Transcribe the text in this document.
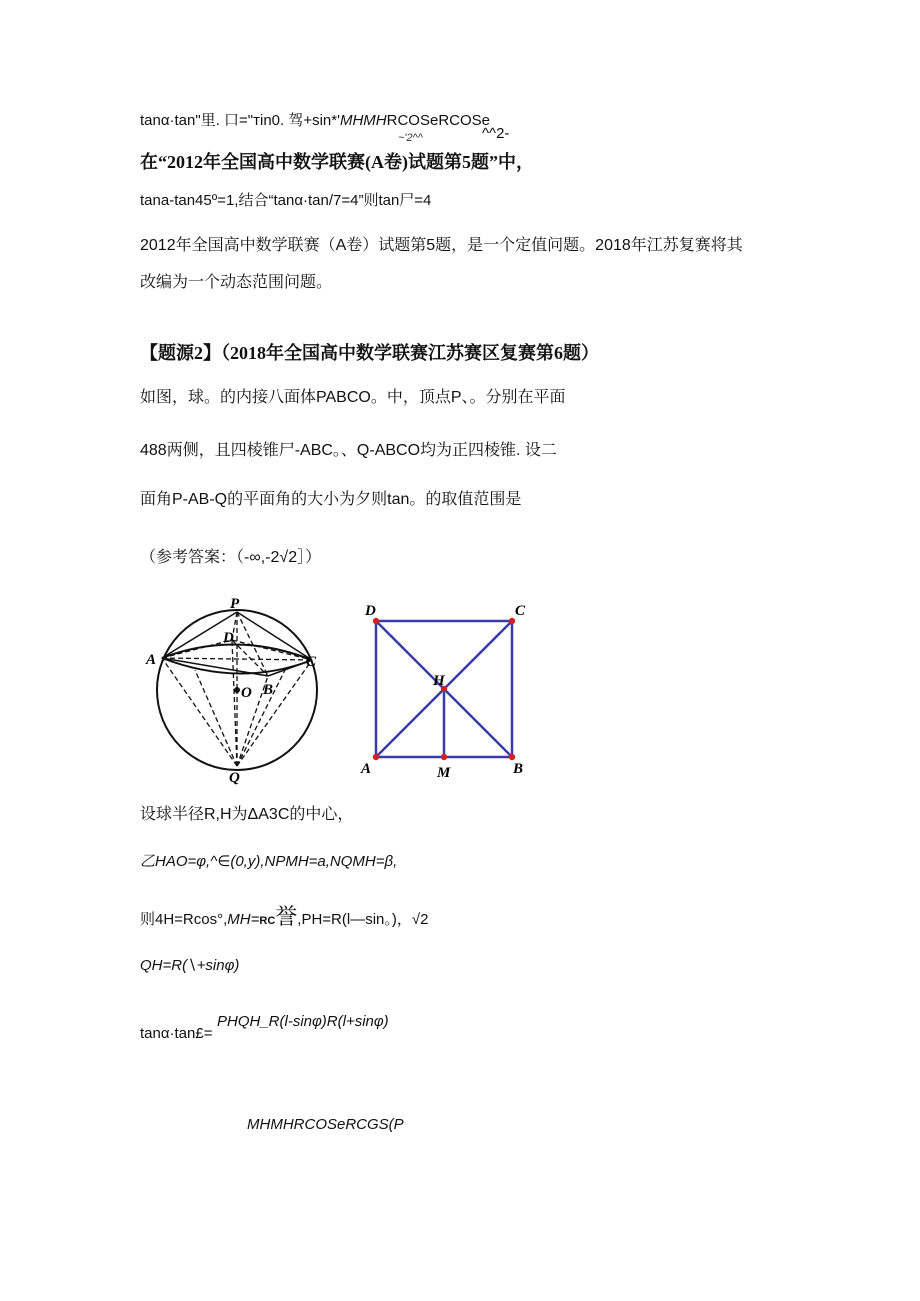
tanα·tan"里. 口="тin0. 驾+sin*'MHMHRCOSeRCOSe
~'2^^	^^2-
在“2012年全国高中数学联赛(A卷)试题第5题”中，
tana-tan45º=1,结合“tanα·tan/7=4”则tan尸=4
2012年全国高中数学联赛（A卷）试题第5题，是一个定值问题。2018年江苏复赛将其
改编为一个动态范围问题。
【题源2】（2018年全国高中数学联赛江苏赛区复赛第6题）
如图，球。的内接八面体PABCO。中，顶点P、。分别在平面
488两侧，且四棱锥尸-ABC。、Q-ABCO均为正四棱锥. 设二
面角P-AB-Q的平面角的大小为夕则tan。的取值范围是
（参考答案：（-∞,-2√2］）
P
D
A	C
O B
Q
D	C
H
A	M	B
设球半径R,H为ΔA3C的中心，
乙HAO=φ,^∈(0,y),NPMH=a,NQMH=β,
则4H=Rcos°,MH=RC誉,PH=R(l—sin。)，√2
QH=R(∖+sinφ)
tanα·tan£=
PHQH_R(l-sinφ)R(l+sinφ)
MHMHRCOSeRCGS(P
